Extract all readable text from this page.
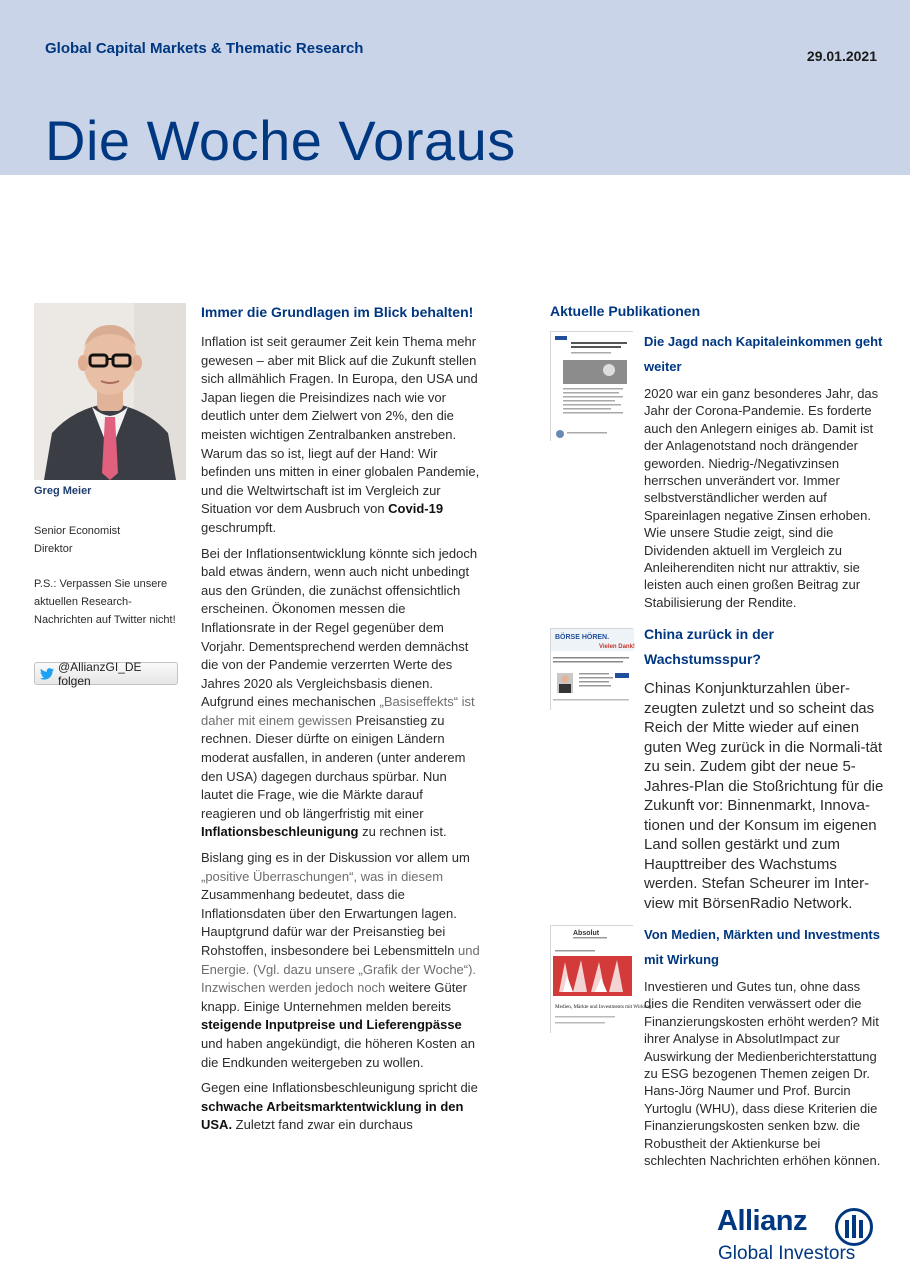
Global Capital Markets & Thematic Research	29.01.2021
Die Woche Voraus
Greg Meier
Senior Economist
Direktor
P.S.: Verpassen Sie unsere aktuellen Research-Nachrichten auf Twitter nicht!
@AllianzGI_DE folgen
Immer die Grundlagen im Blick behalten!

Inflation ist seit geraumer Zeit kein Thema mehr gewesen – aber mit Blick auf die Zukunft stellen sich allmählich Fragen. In Europa, den USA und Japan liegen die Preisindizes nach wie vor deutlich unter dem Zielwert von 2%, den die meisten wichtigen Zentralbanken anstreben. Warum das so ist, liegt auf der Hand: Wir befinden uns mitten in einer globalen Pandemie, und die Weltwirtschaft ist im Vergleich zur Situation vor dem Ausbruch von Covid-19 geschrumpft.

Bei der Inflationsentwicklung könnte sich jedoch bald etwas ändern, wenn auch nicht unbedingt aus den Gründen, die zunächst offensichtlich erscheinen. Ökonomen messen die Inflationsrate in der Regel gegenüber dem Vorjahr. Dementsprechend werden demnächst die von der Pandemie verzerrten Werte des Jahres 2020 als Vergleichsbasis dienen. Aufgrund eines mechanischen „Basiseffekts“ ist daher mit einem gewissen Preisanstieg zu rechnen. Dieser dürfte on einigen Ländern moderat ausfallen, in anderen (unter anderem den USA) dagegen durchaus spürbar. Nun lautet die Frage, wie die Märkte darauf reagieren und ob längerfristig mit einer Inflationsbeschleunigung zu rechnen ist.

Bislang ging es in der Diskussion vor allem um „positive Überraschungen“, was in diesem Zusammenhang bedeutet, dass die Inflationsdaten über den Erwartungen lagen. Hauptgrund dafür war der Preisanstieg bei Rohstoffen, insbesondere bei Lebensmitteln und Energie. (Vgl. dazu unsere „Grafik der Woche“). Inzwischen werden jedoch noch weitere Güter knapp. Einige Unternehmen melden bereits steigende Inputpreise und Lieferengpässe und haben angekündigt, die höheren Kosten an die Endkunden weitergeben zu wollen.

Gegen eine Inflationsbeschleunigung spricht die schwache Arbeitsmarktentwicklung in den USA. Zuletzt fand zwar ein durchaus

Aktuelle Publikationen
Die Jagd nach Kapitaleinkommen geht weiter
2020 war ein ganz besonderes Jahr, das Jahr der Corona-Pandemie. Es forderte auch den Anlegern einiges ab. Damit ist der Anlagenotstand noch drängender geworden. Niedrig-/Negativzinsen herrschen unverändert vor. Immer selbstverständlicher werden auf Spareinlagen negative Zinsen erhoben. Wie unsere Studie zeigt, sind die Dividenden aktuell im Vergleich zu Anleiherenditen nicht nur attraktiv, sie leisten auch einen großen Beitrag zur Stabilisierung der Rendite.
BÖRSE HÖREN.
Vielen Dank!
China zurück in der Wachstumsspur?
Chinas Konjunkturzahlen über-zeugten zuletzt und so scheint das Reich der Mitte wieder auf einen guten Weg zurück in die Normali-tät zu sein. Zudem gibt der neue 5-Jahres-Plan die Stoßrichtung für die Zukunft vor: Binnenmarkt, Innova-tionen und der Konsum im eigenen Land sollen gestärkt und zum Haupttreiber des Wachstums werden. Stefan Scheurer im Inter-view mit BörsenRadio Network.
Absolut
Medien, Märkte und Investments mit Wirkung
Von Medien, Märkten und Investments mit Wirkung
Investieren und Gutes tun, ohne dass dies die Renditen verwässert oder die Finanzierungskosten erhöht werden? Mit ihrer Analyse in AbsolutImpact zur Auswirkung der Medienberichterstattung zu ESG bezogenen Themen zeigen Dr. Hans-Jörg Naumer und Prof. Burcin Yurtoglu (WHU), dass diese Kriterien die Finanzierungskosten senken bzw. die Robustheit der Aktienkurse bei schlechten Nachrichten erhöhen können.
Allianz
Global Investors
